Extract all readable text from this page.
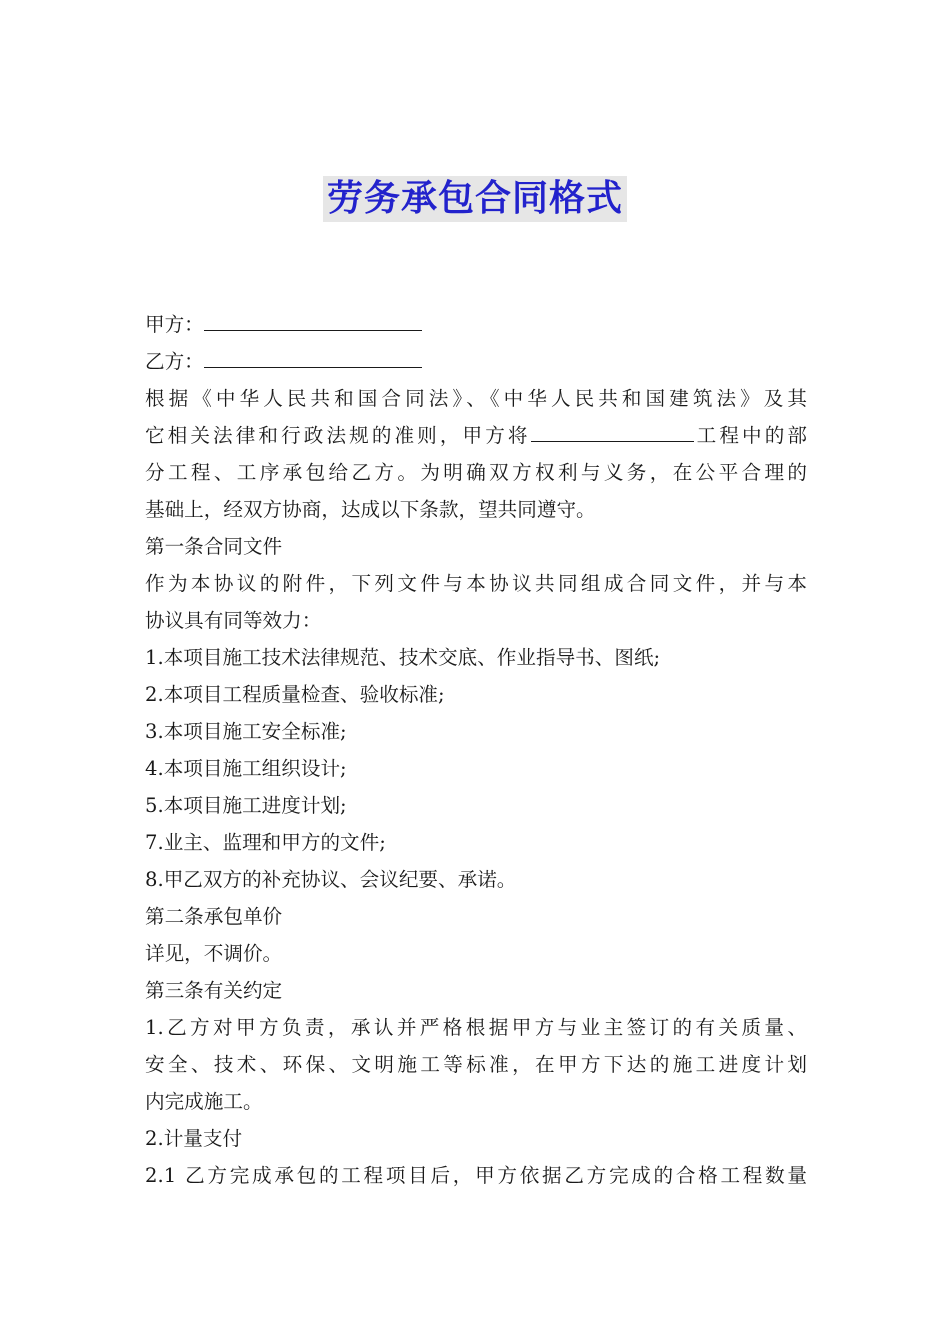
劳务承包合同格式
甲方：
乙方：
根据《中华人民共和国合同法》、《中华人民共和国建筑法》及其
它相关法律和行政法规的准则，甲方将	工程中的部
分工程、工序承包给乙方。为明确双方权利与义务，在公平合理的
基础上，经双方协商，达成以下条款，望共同遵守。
第一条合同文件
作为本协议的附件，下列文件与本协议共同组成合同文件，并与本
协议具有同等效力：
1.本项目施工技术法律规范、技术交底、作业指导书、图纸;
2.本项目工程质量检查、验收标准;
3.本项目施工安全标准;
4.本项目施工组织设计;
5.本项目施工进度计划;
7.业主、监理和甲方的文件;
8.甲乙双方的补充协议、会议纪要、承诺。
第二条承包单价
详见，不调价。
第三条有关约定
1.乙方对甲方负责，承认并严格根据甲方与业主签订的有关质量、
安全、技术、环保、文明施工等标准，在甲方下达的施工进度计划
内完成施工。
2.计量支付
2.1 乙方完成承包的工程项目后，甲方依据乙方完成的合格工程数量
